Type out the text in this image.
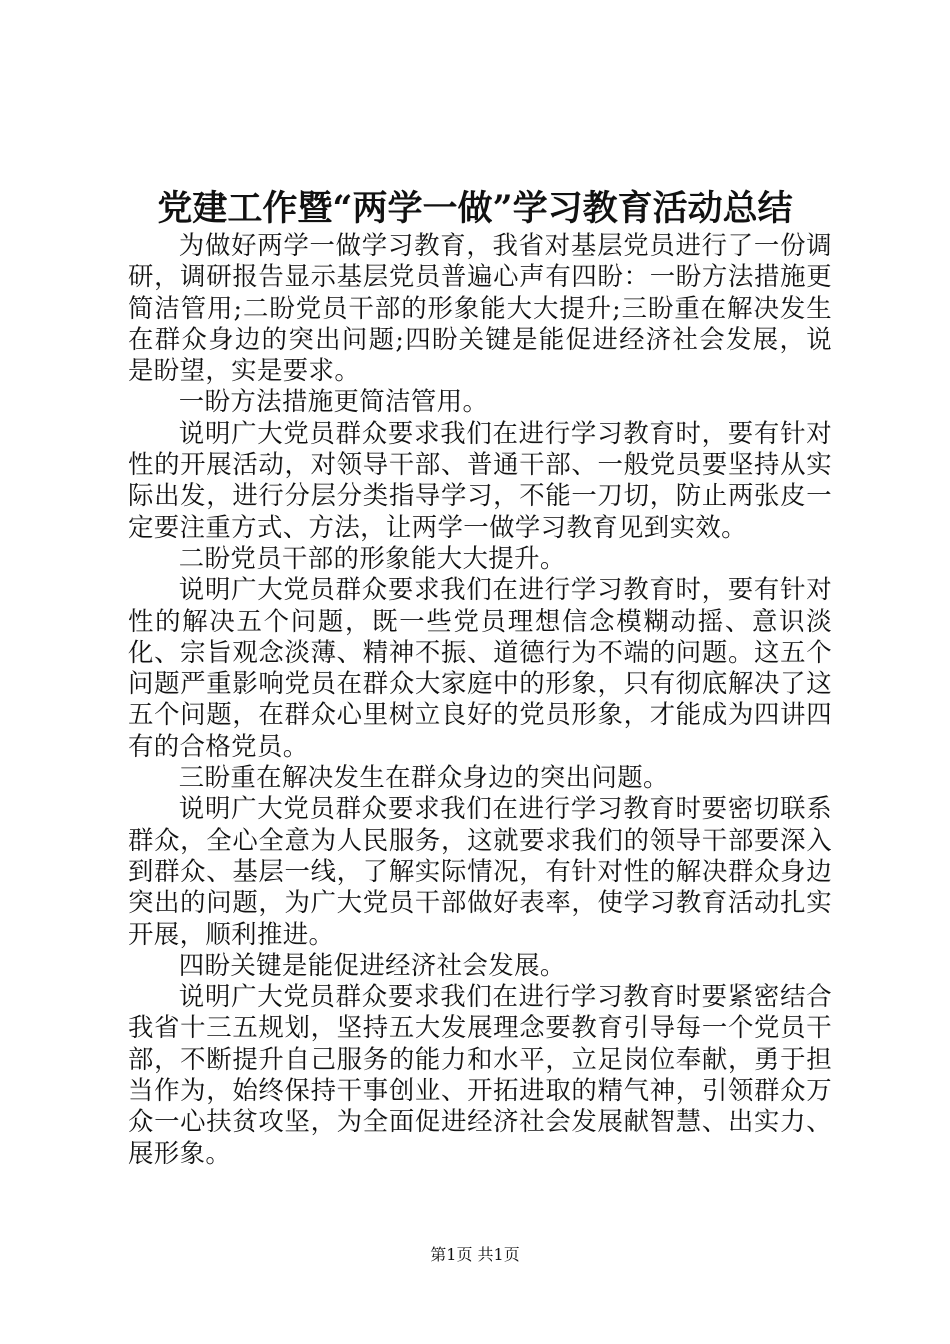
党建工作暨“两学一做”学习教育活动总结

为做好两学一做学习教育，我省对基层党员进行了一份调研，调研报告显示基层党员普遍心声有四盼：一盼方法措施更简洁管用;二盼党员干部的形象能大大提升;三盼重在解决发生在群众身边的突出问题;四盼关键是能促进经济社会发展，说是盼望，实是要求。

一盼方法措施更简洁管用。

说明广大党员群众要求我们在进行学习教育时，要有针对性的开展活动，对领导干部、普通干部、一般党员要坚持从实际出发，进行分层分类指导学习，不能一刀切，防止两张皮一定要注重方式、方法，让两学一做学习教育见到实效。

二盼党员干部的形象能大大提升。

说明广大党员群众要求我们在进行学习教育时，要有针对性的解决五个问题，既一些党员理想信念模糊动摇、意识淡化、宗旨观念淡薄、精神不振、道德行为不端的问题。这五个问题严重影响党员在群众大家庭中的形象，只有彻底解决了这五个问题，在群众心里树立良好的党员形象，才能成为四讲四有的合格党员。

三盼重在解决发生在群众身边的突出问题。

说明广大党员群众要求我们在进行学习教育时要密切联系群众，全心全意为人民服务，这就要求我们的领导干部要深入到群众、基层一线，了解实际情况，有针对性的解决群众身边突出的问题，为广大党员干部做好表率，使学习教育活动扎实开展，顺利推进。

四盼关键是能促进经济社会发展。

说明广大党员群众要求我们在进行学习教育时要紧密结合我省十三五规划，坚持五大发展理念要教育引导每一个党员干部，不断提升自己服务的能力和水平，立足岗位奉献，勇于担当作为，始终保持干事创业、开拓进取的精气神，引领群众万众一心扶贫攻坚，为全面促进经济社会发展献智慧、出实力、展形象。

第1页 共1页
